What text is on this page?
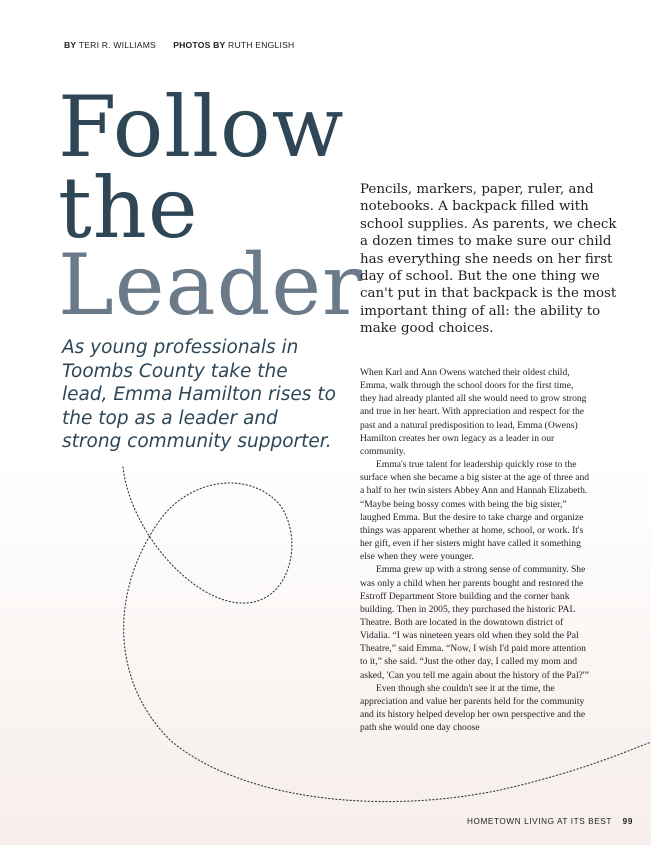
BY TERI R. WILLIAMS PHOTOS BY RUTH ENGLISH
Follow
the
Leader
As young professionals in Toombs County take the lead, Emma Hamilton rises to the top as a leader and strong community supporter.

Pencils, markers, paper, ruler, and notebooks. A backpack filled with school supplies. As parents, we check a dozen times to make sure our child has everything she needs on her first day of school. But the one thing we can't put in that backpack is the most important thing of all: the ability to make good choices.

When Karl and Ann Owens watched their oldest child, Emma, walk through the school doors for the first time, they had already planted all she would need to grow strong and true in her heart. With appreciation and respect for the past and a natural predisposition to lead, Emma (Owens) Hamilton creates her own legacy as a leader in our community.

Emma's true talent for leadership quickly rose to the surface when she became a big sister at the age of three and a half to her twin sisters Abbey Ann and Hannah Elizabeth. “Maybe being bossy comes with being the big sister,” laughed Emma. But the desire to take charge and organize things was apparent whether at home, school, or work. It's her gift, even if her sisters might have called it something else when they were younger.

Emma grew up with a strong sense of community. She was only a child when her parents bought and restored the Estroff Department Store building and the corner bank building. Then in 2005, they purchased the historic PAL Theatre. Both are located in the downtown district of Vidalia. “I was nineteen years old when they sold the Pal Theatre,” said Emma. “Now, I wish I'd paid more attention to it,” she said. “Just the other day, I called my mom and asked, 'Can you tell me again about the history of the Pal?'”

Even though she couldn't see it at the time, the appreciation and value her parents held for the community and its history helped develop her own perspective and the path she would one day choose

HOMETOWN LIVING AT ITS BEST 99
